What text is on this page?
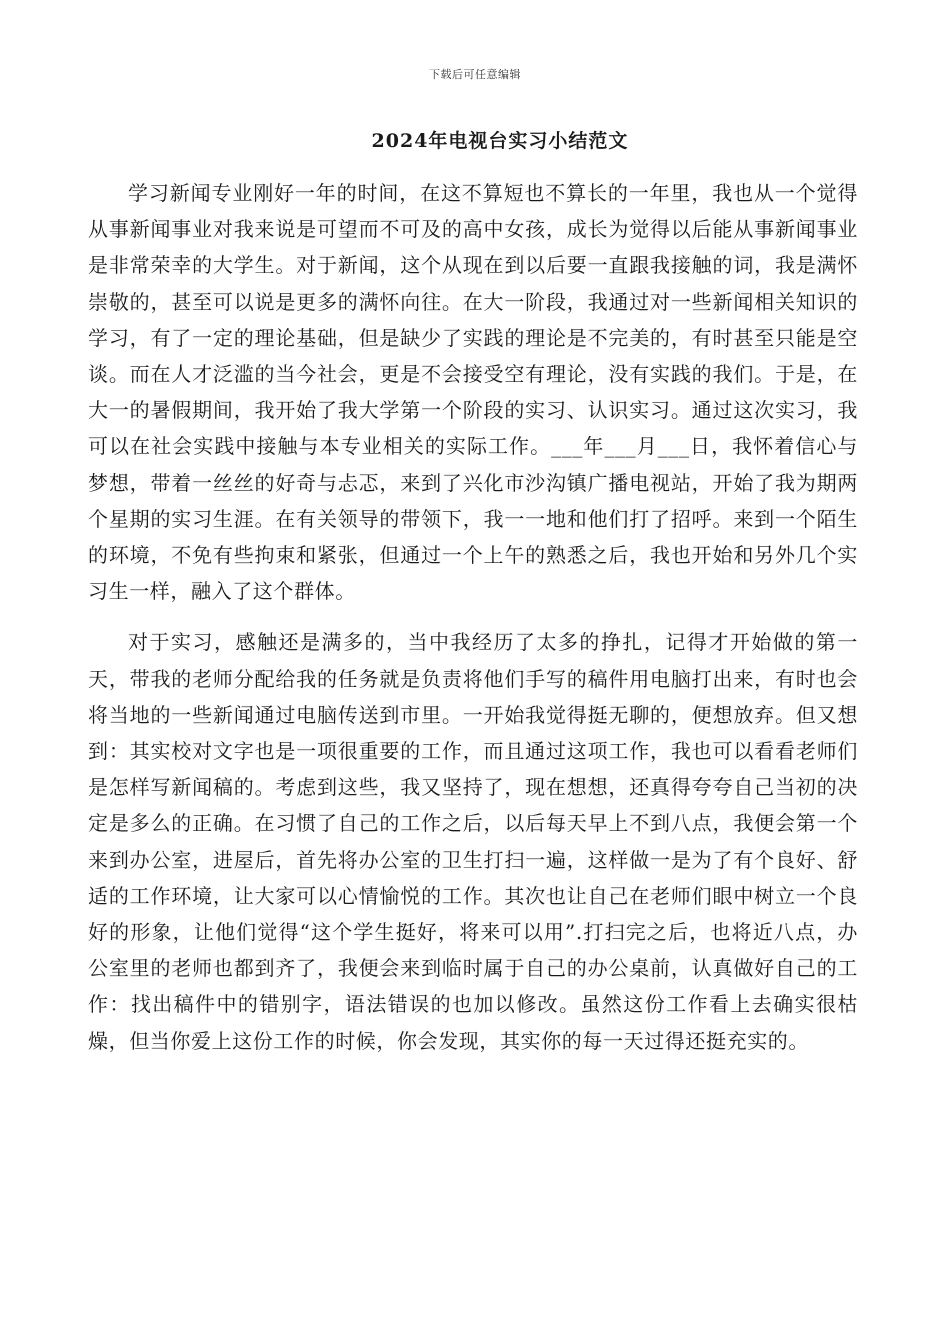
下载后可任意编辑
2024年电视台实习小结范文

学习新闻专业刚好一年的时间，在这不算短也不算长的一年里，我也从一个觉得从事新闻事业对我来说是可望而不可及的高中女孩，成长为觉得以后能从事新闻事业是非常荣幸的大学生。对于新闻，这个从现在到以后要一直跟我接触的词，我是满怀崇敬的，甚至可以说是更多的满怀向往。在大一阶段，我通过对一些新闻相关知识的学习，有了一定的理论基础，但是缺少了实践的理论是不完美的，有时甚至只能是空谈。而在人才泛滥的当今社会，更是不会接受空有理论，没有实践的我们。于是，在大一的暑假期间，我开始了我大学第一个阶段的实习、认识实习。通过这次实习，我可以在社会实践中接触与本专业相关的实际工作。___年___月___日，我怀着信心与梦想，带着一丝丝的好奇与忐忑，来到了兴化市沙沟镇广播电视站，开始了我为期两个星期的实习生涯。在有关领导的带领下，我一一地和他们打了招呼。来到一个陌生的环境，不免有些拘束和紧张，但通过一个上午的熟悉之后，我也开始和另外几个实习生一样，融入了这个群体。

对于实习，感触还是满多的，当中我经历了太多的挣扎，记得才开始做的第一天，带我的老师分配给我的任务就是负责将他们手写的稿件用电脑打出来，有时也会将当地的一些新闻通过电脑传送到市里。一开始我觉得挺无聊的，便想放弃。但又想到：其实校对文字也是一项很重要的工作，而且通过这项工作，我也可以看看老师们是怎样写新闻稿的。考虑到这些，我又坚持了，现在想想，还真得夸夸自己当初的决定是多么的正确。在习惯了自己的工作之后，以后每天早上不到八点，我便会第一个来到办公室，进屋后，首先将办公室的卫生打扫一遍，这样做一是为了有个良好、舒适的工作环境，让大家可以心情愉悦的工作。其次也让自己在老师们眼中树立一个良好的形象，让他们觉得“这个学生挺好，将来可以用”.打扫完之后，也将近八点，办公室里的老师也都到齐了，我便会来到临时属于自己的办公桌前，认真做好自己的工作：找出稿件中的错别字，语法错误的也加以修改。虽然这份工作看上去确实很枯燥，但当你爱上这份工作的时候，你会发现，其实你的每一天过得还挺充实的。
